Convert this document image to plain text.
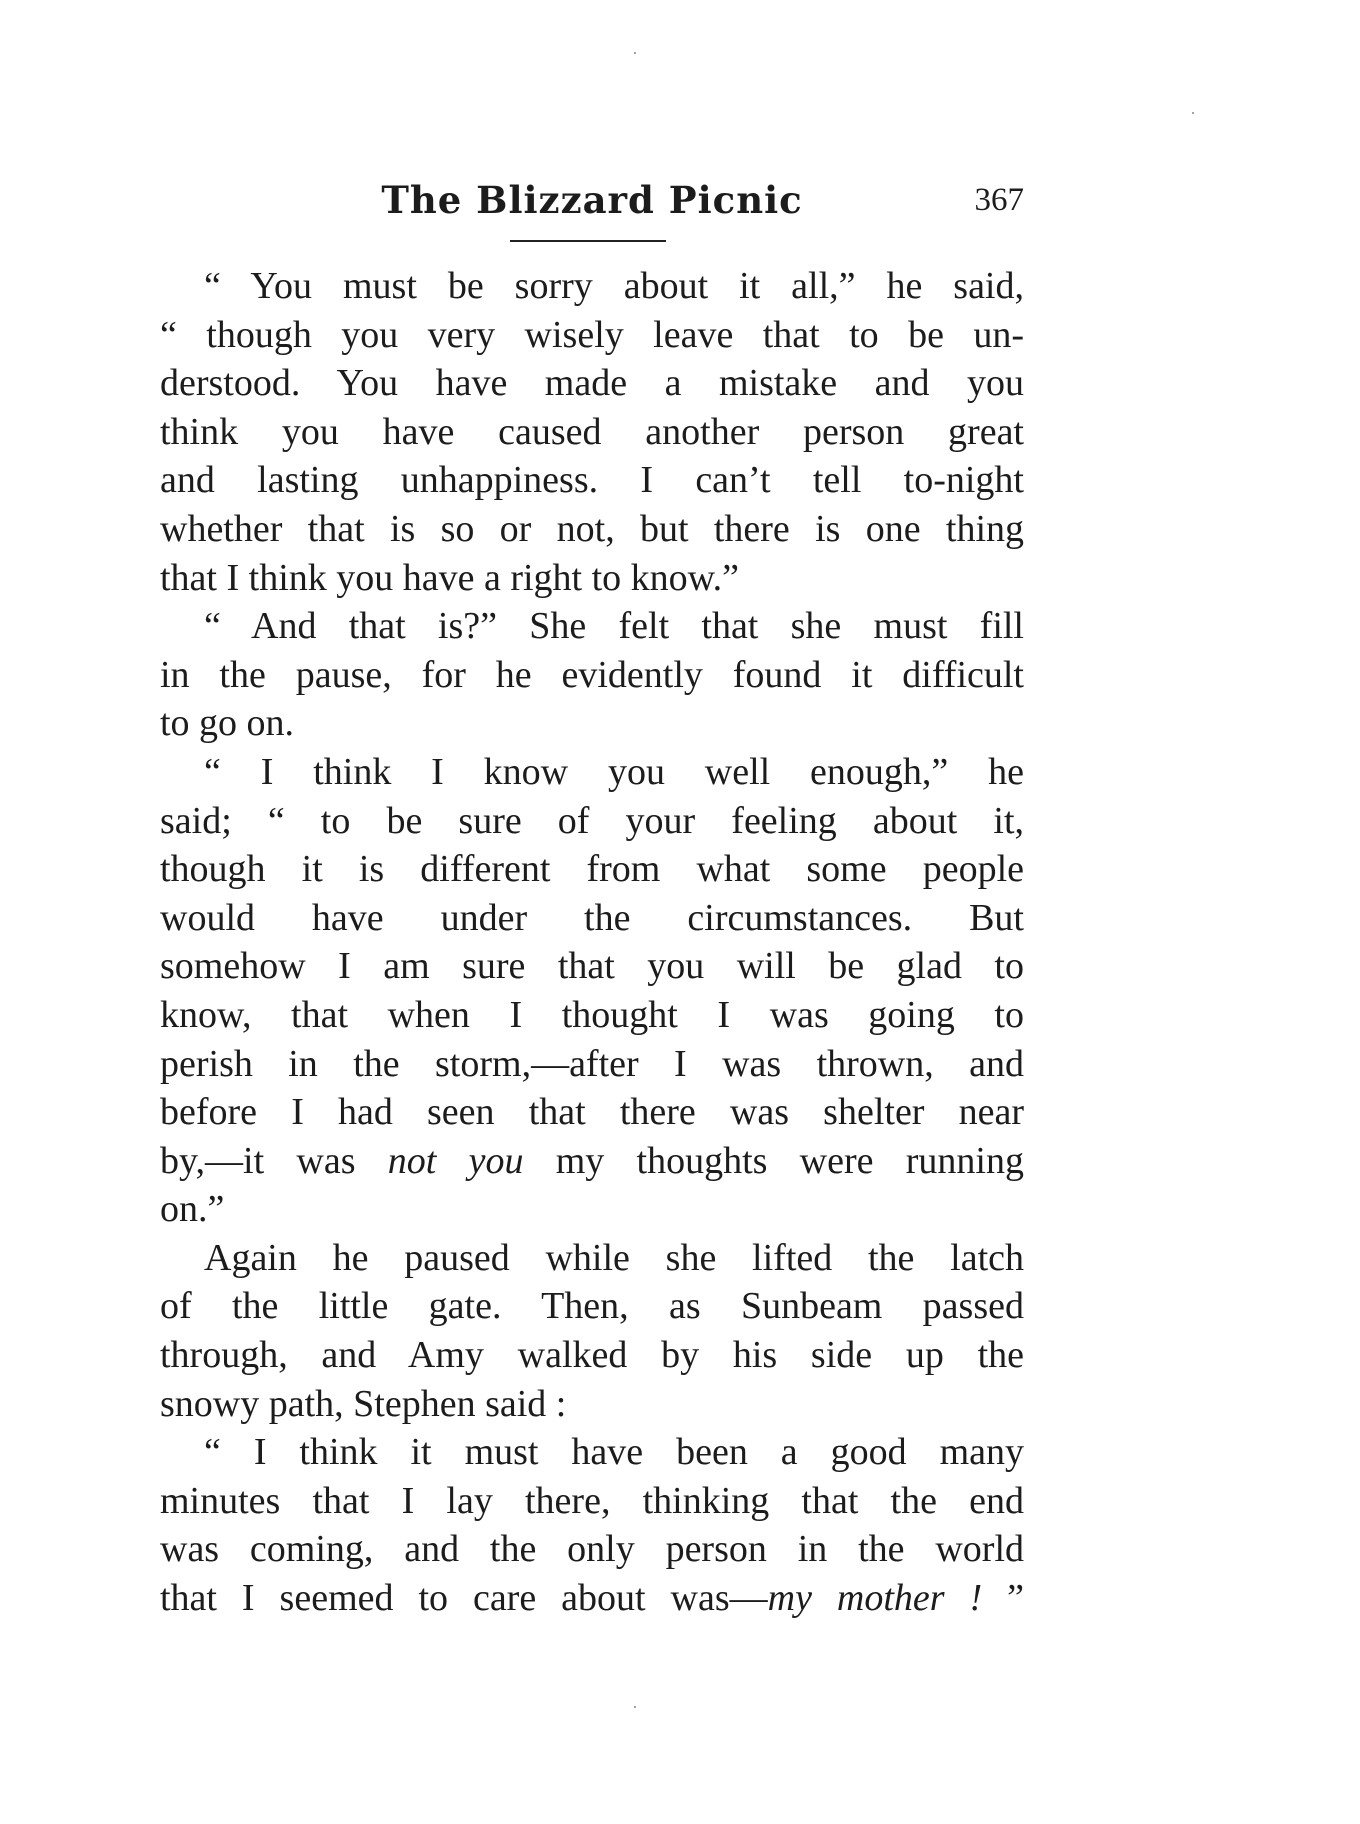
The Blizzard Picnic	367
“ You must be sorry about it all,” he said,
“ though you very wisely leave that to be un-
derstood. You have made a mistake and you
think you have caused another person great
and lasting unhappiness. I can’t tell to-night
whether that is so or not, but there is one thing
that I think you have a right to know.”
“ And that is?” She felt that she must fill
in the pause, for he evidently found it difficult
to go on.
“ I think I know you well enough,” he
said; “ to be sure of your feeling about it,
though it is different from what some people
would have under the circumstances. But
somehow I am sure that you will be glad to
know, that when I thought I was going to
perish in the storm,—after I was thrown, and
before I had seen that there was shelter near
by,—it was not you my thoughts were running
on.”
Again he paused while she lifted the latch
of the little gate. Then, as Sunbeam passed
through, and Amy walked by his side up the
snowy path, Stephen said :
“ I think it must have been a good many
minutes that I lay there, thinking that the end
was coming, and the only person in the world
that I seemed to care about was—my mother ! ”
